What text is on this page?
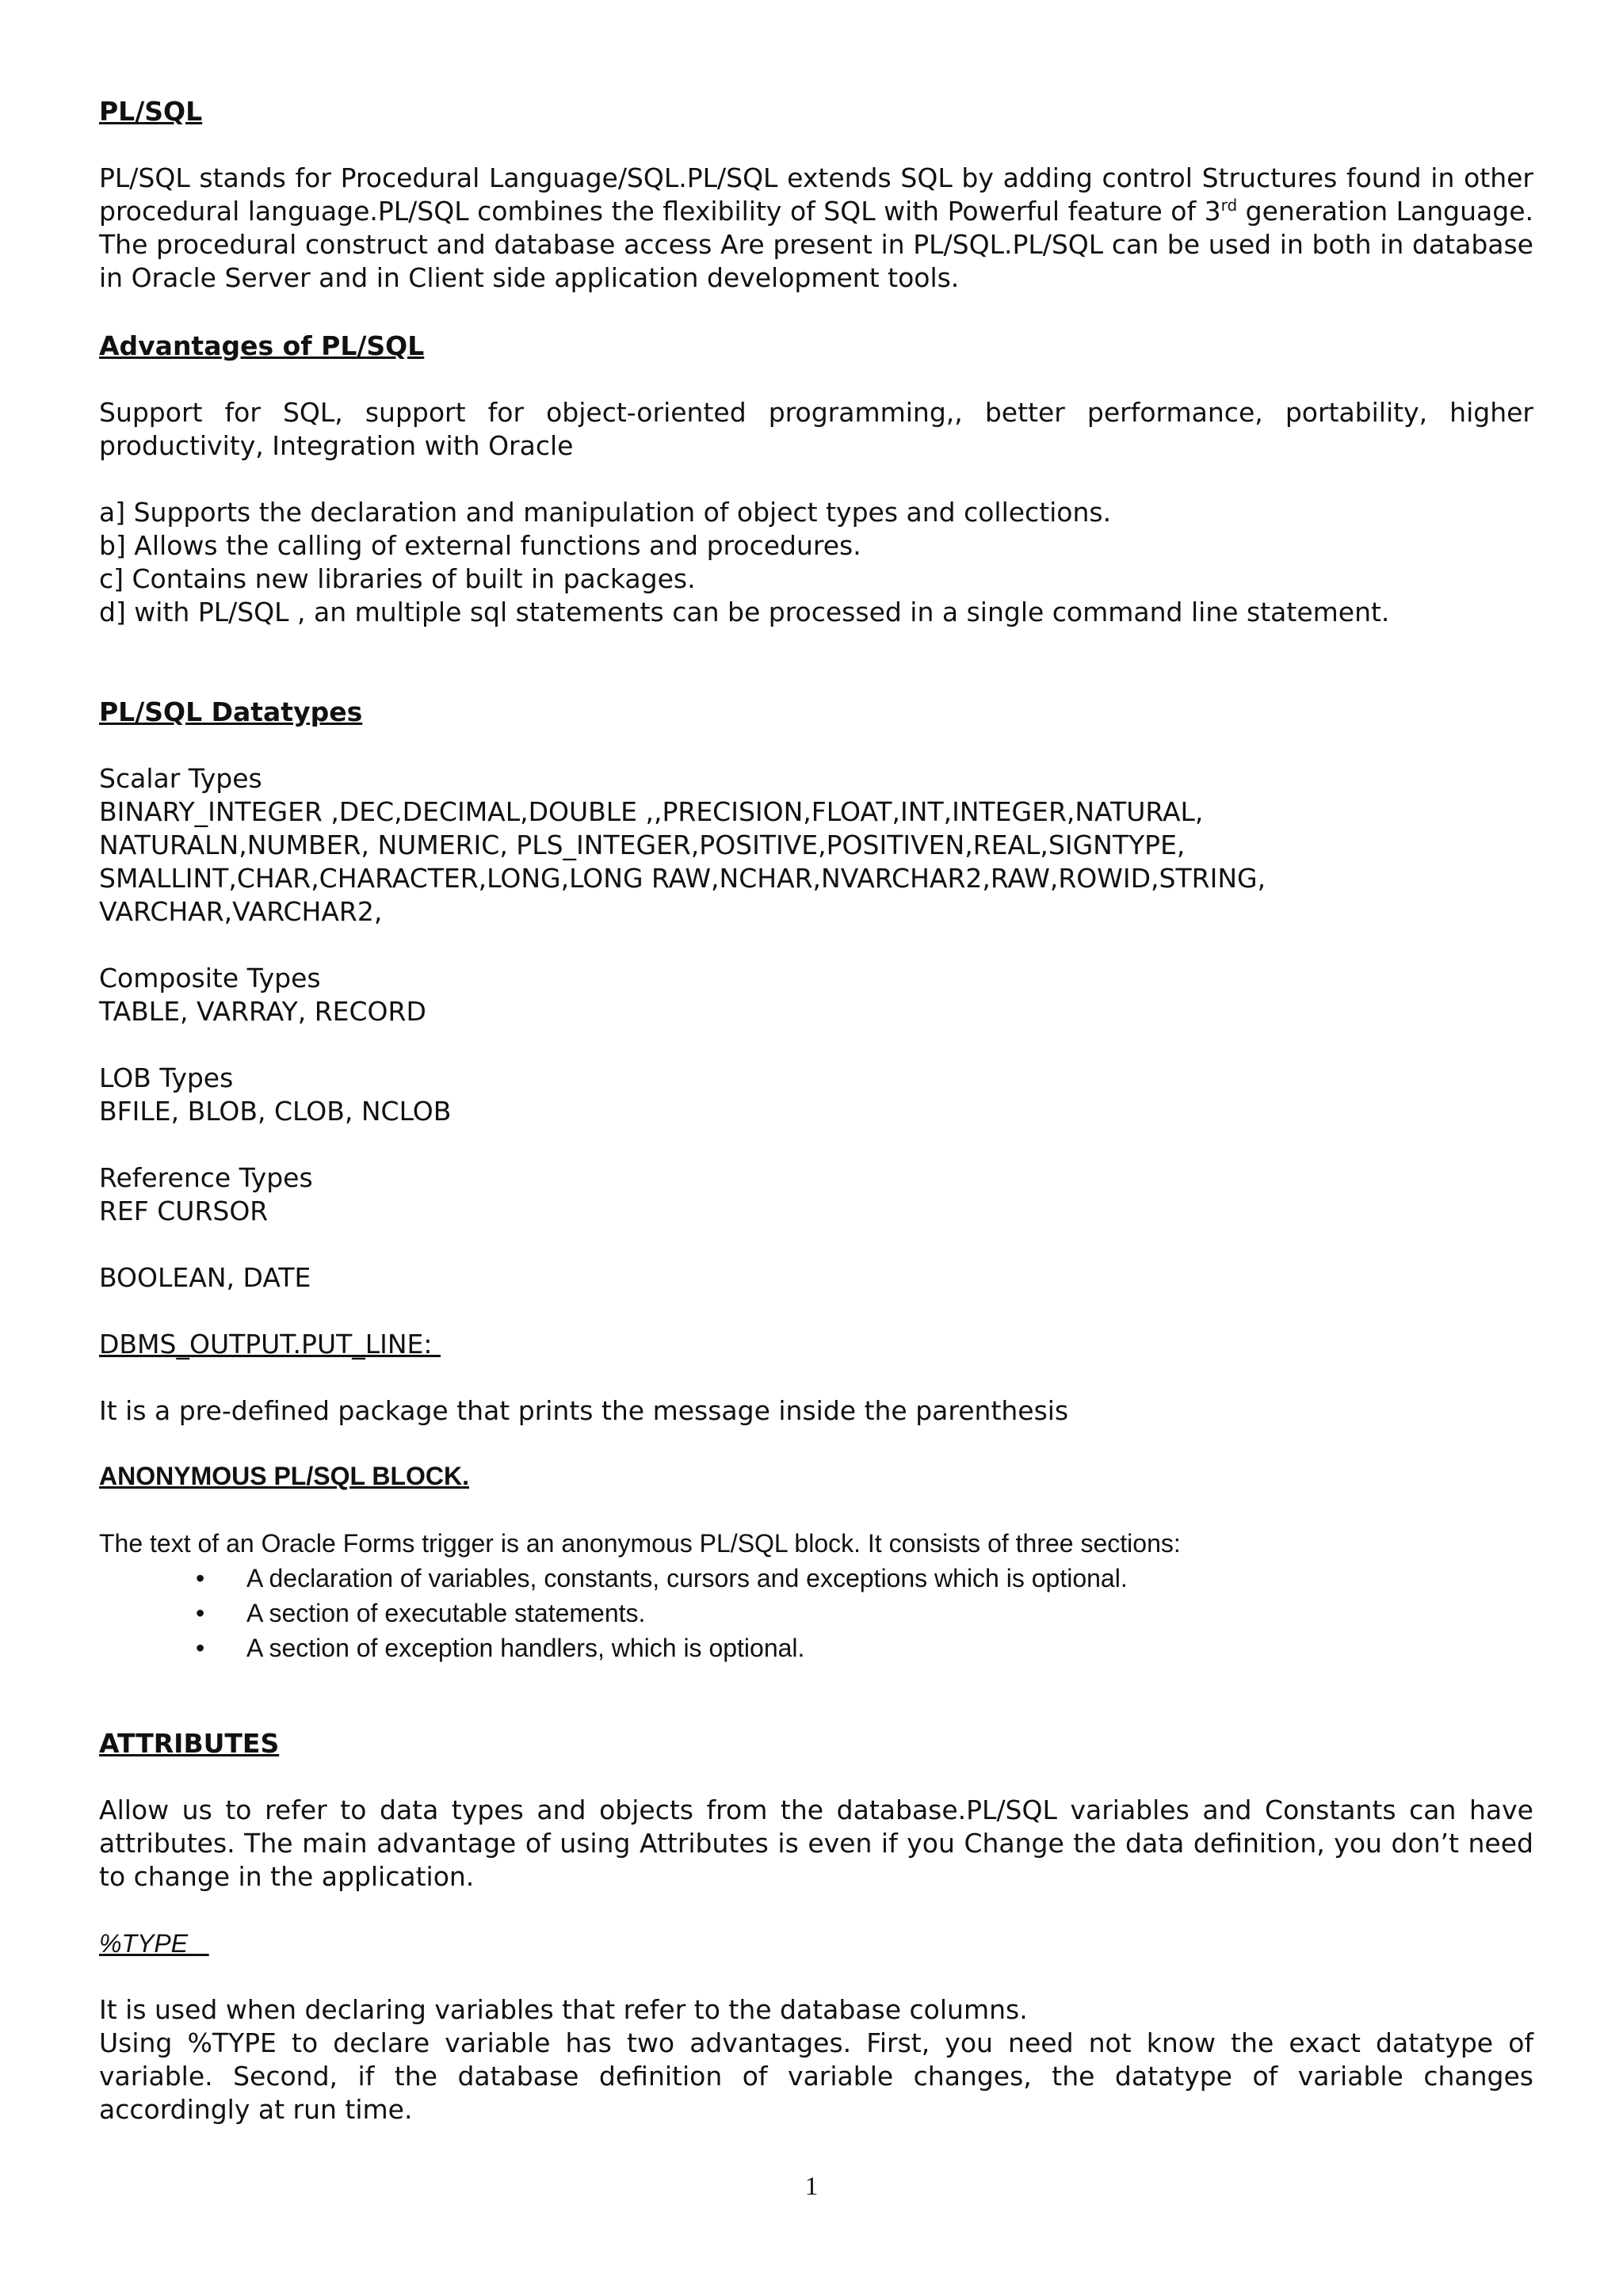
PL/SQL
PL/SQL stands for Procedural Language/SQL.PL/SQL extends SQL by adding control Structures found in other procedural language.PL/SQL combines the flexibility of SQL with Powerful feature of 3rd generation Language. The procedural construct and database access Are present in PL/SQL.PL/SQL can be used in both in database in Oracle Server and in Client side application development tools.
Advantages of PL/SQL
Support for SQL, support for object-oriented programming,, better performance, portability, higher productivity, Integration with Oracle
a] Supports the declaration and manipulation of object types and collections.
b] Allows the calling of external functions and procedures.
c] Contains new libraries of built in packages.
d] with PL/SQL , an multiple sql statements can be processed in a single command line statement.
PL/SQL Datatypes
Scalar Types
BINARY_INTEGER ,DEC,DECIMAL,DOUBLE ,,PRECISION,FLOAT,INT,INTEGER,NATURAL,
NATURALN,NUMBER, NUMERIC, PLS_INTEGER,POSITIVE,POSITIVEN,REAL,SIGNTYPE,
SMALLINT,CHAR,CHARACTER,LONG,LONG RAW,NCHAR,NVARCHAR2,RAW,ROWID,STRING,
VARCHAR,VARCHAR2,
Composite Types
TABLE, VARRAY, RECORD
LOB Types
BFILE, BLOB, CLOB, NCLOB
Reference Types
REF CURSOR
BOOLEAN, DATE
DBMS_OUTPUT.PUT_LINE:
It is a pre-defined package that prints the message inside the parenthesis
ANONYMOUS PL/SQL BLOCK.
The text of an Oracle Forms trigger is an anonymous PL/SQL block. It consists of three sections:
• A declaration of variables, constants, cursors and exceptions which is optional.
• A section of executable statements.
• A section of exception handlers, which is optional.
ATTRIBUTES
Allow us to refer to data types and objects from the database.PL/SQL variables and Constants can have attributes. The main advantage of using Attributes is even if you Change the data definition, you don’t need to change in the application.
%TYPE
It is used when declaring variables that refer to the database columns.
Using %TYPE to declare variable has two advantages. First, you need not know the exact datatype of variable. Second, if the database definition of variable changes, the datatype of variable changes accordingly at run time.
1
